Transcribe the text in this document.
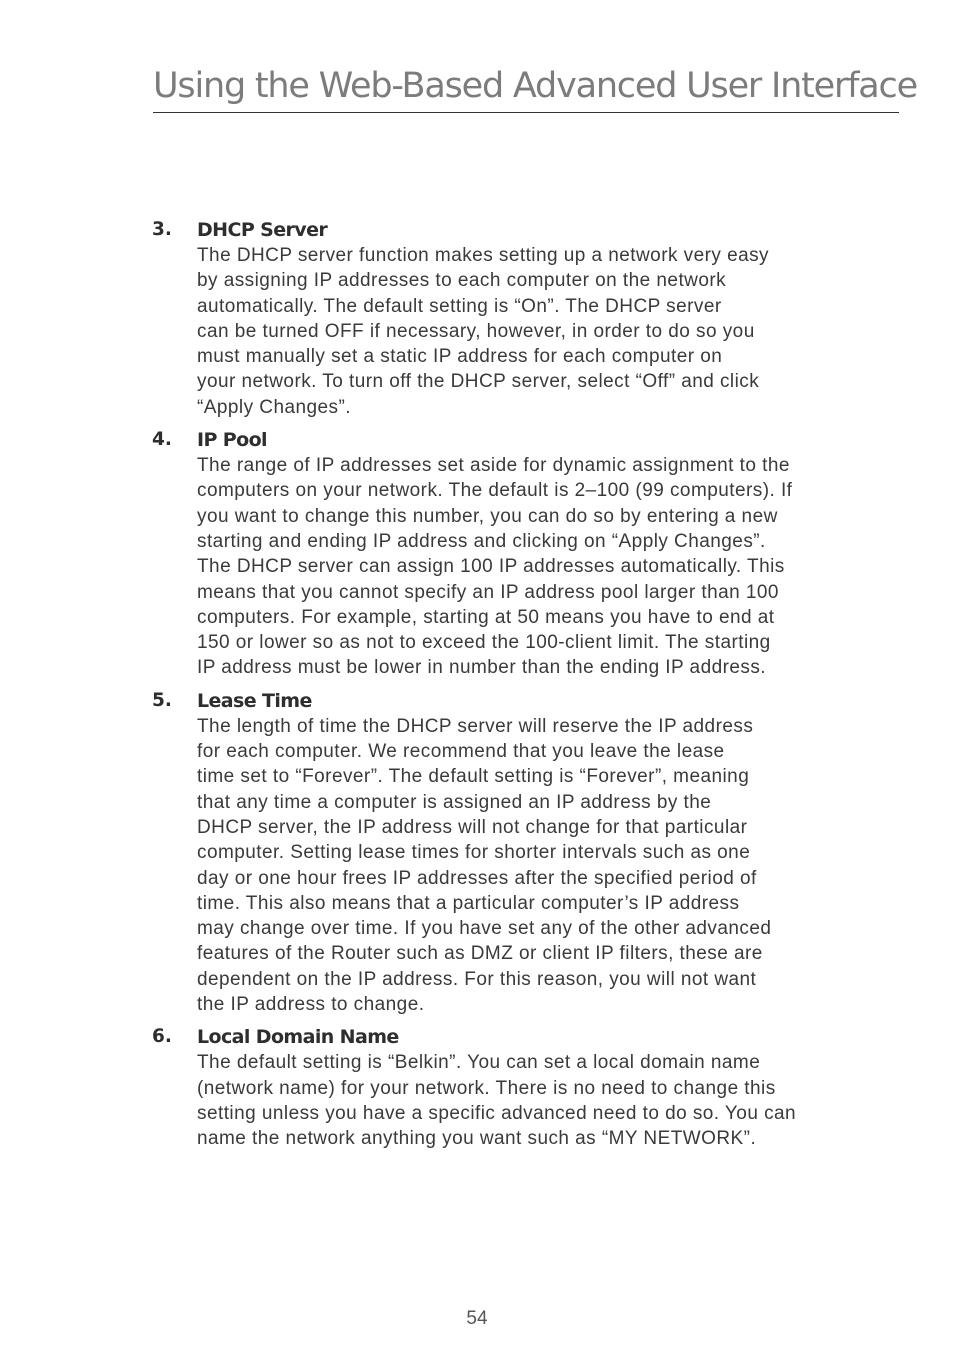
Using the Web-Based Advanced User Interface
3. DHCP Server

The DHCP server function makes setting up a network very easy
by assigning IP addresses to each computer on the network
automatically. The default setting is “On”. The DHCP server
can be turned OFF if necessary, however, in order to do so you
must manually set a static IP address for each computer on
your network. To turn off the DHCP server, select “Off” and click
“Apply Changes”.

4. IP Pool

The range of IP addresses set aside for dynamic assignment to the
computers on your network. The default is 2–100 (99 computers). If
you want to change this number, you can do so by entering a new
starting and ending IP address and clicking on “Apply Changes”.
The DHCP server can assign 100 IP addresses automatically. This
means that you cannot specify an IP address pool larger than 100
computers. For example, starting at 50 means you have to end at
150 or lower so as not to exceed the 100-client limit. The starting
IP address must be lower in number than the ending IP address.

5. Lease Time

The length of time the DHCP server will reserve the IP address
for each computer. We recommend that you leave the lease
time set to “Forever”. The default setting is “Forever”, meaning
that any time a computer is assigned an IP address by the
DHCP server, the IP address will not change for that particular
computer. Setting lease times for shorter intervals such as one
day or one hour frees IP addresses after the specified period of
time. This also means that a particular computer’s IP address
may change over time. If you have set any of the other advanced
features of the Router such as DMZ or client IP filters, these are
dependent on the IP address. For this reason, you will not want
the IP address to change.

6. Local Domain Name

The default setting is “Belkin”. You can set a local domain name
(network name) for your network. There is no need to change this
setting unless you have a specific advanced need to do so. You can
name the network anything you want such as “MY NETWORK”.

54
